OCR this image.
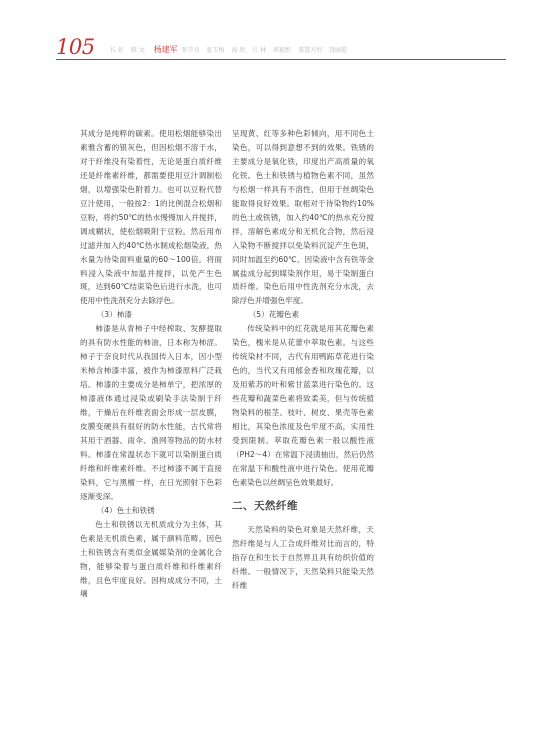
105	长 虹 联 文 杨建军 张学良 张玉梅 汤 欣 江 林 郭毅恒 董慧方恒 饶丽霞

其成分是纯粹的碳素。使用松烟能够染出素雅含蓄的银灰色，但因松烟不溶于水，对于纤维没有染着性，无论是蛋白质纤维还是纤维素纤维，都需要使用豆汁调制松烟，以增强染色附着力。也可以豆粉代替豆汁使用，一般按2：1的比例混合松烟和豆粉，将约50℃的热水慢慢加入并搅拌，调成糊状，使松烟吸附于豆粉。然后用布过滤并加入约40℃热水制成松烟染液，热水量为待染面料重量的60～100倍。将面料浸入染液中加温并搅拌，以免产生色斑，达到60℃结束染色后进行水洗，也可使用中性洗剂充分去除浮色。

（3）柿漆

柿漆是从青柿子中经榨取、发酵提取的具有防水性能的柿油，日本称为柿涩。柿子于奈良时代从我国传入日本，因小型米柿含柿漆丰富，被作为柿漆原料广泛栽培。柿漆的主要成分是柿单宁，把浓厚的柿漆液体通过浸染或刷染手法染制于纤维，干燥后在纤维表面会形成一层皮膜，皮膜变硬具有很好的防水性能，古代常将其用于酒器、雨伞、渔网等物品的防水材料。柿漆在常温状态下就可以染制蛋白质纤维和纤维素纤维。不过柿漆不属于直接染料，它与黑檀一样，在日光照射下色彩逐渐变深。

（4）色土和铁锈

色土和铁锈以无机质成分为主体，其色素是无机质色素，属于颜料范畴。因色土和铁锈含有类似金属媒染剂的金属化合物，能够染着与蛋白质纤维和纤维素纤维，且色牢度良好。因构成成分不同，土壤

呈现黄、红等多种色彩倾向，用不同色土染色，可以得到意想不到的效果。铁锈的主要成分是氧化铁，印度出产高质量的氧化铁。色土和铁锈与植物色素不同，虽然与松烟一样具有不溶性，但用于丝绸染色能取得良好效果。取相对于待染物约10%的色土或铁锈，加入约40℃的热水充分搅拌，溶解色素成分和无机化合物，然后浸入染物不断搅拌以免染料沉淀产生色斑，同时加温至约60℃。因染液中含有铁等金属盐成分起到媒染剂作用，易于染制蛋白质纤维。染色后用中性洗剂充分水洗，去除浮色并增强色牢度。

（5）花瓣色素

传统染料中的红花就是用其花瓣色素染色，槐米是从花蕾中萃取色素。与这些传统染材不同，古代有用鸭跖草花进行染色的，当代又有用郁金香和玫瑰花瓣，以及用紫苏的叶和紫甘蓝菜进行染色的。这些花瓣和蔬菜色素将致柔美，但与传统植物染料的根茎、枝叶、树皮、果壳等色素相比，其染色浓度及色牢度不高，实用性受到限制。萃取花瓣色素一般以酸性液（PH2～4）在常温下浸渍抽出，然后仍然在常温下和酸性液中进行染色。使用花瓣色素染色以丝绸呈色效果最好。

二、天然纤维

天然染料的染色对象是天然纤维，天然纤维是与人工合成纤维对比而言的，特指存在和生长于自然界且具有纺织价值的纤维。一般情况下，天然染料只能染天然纤维
